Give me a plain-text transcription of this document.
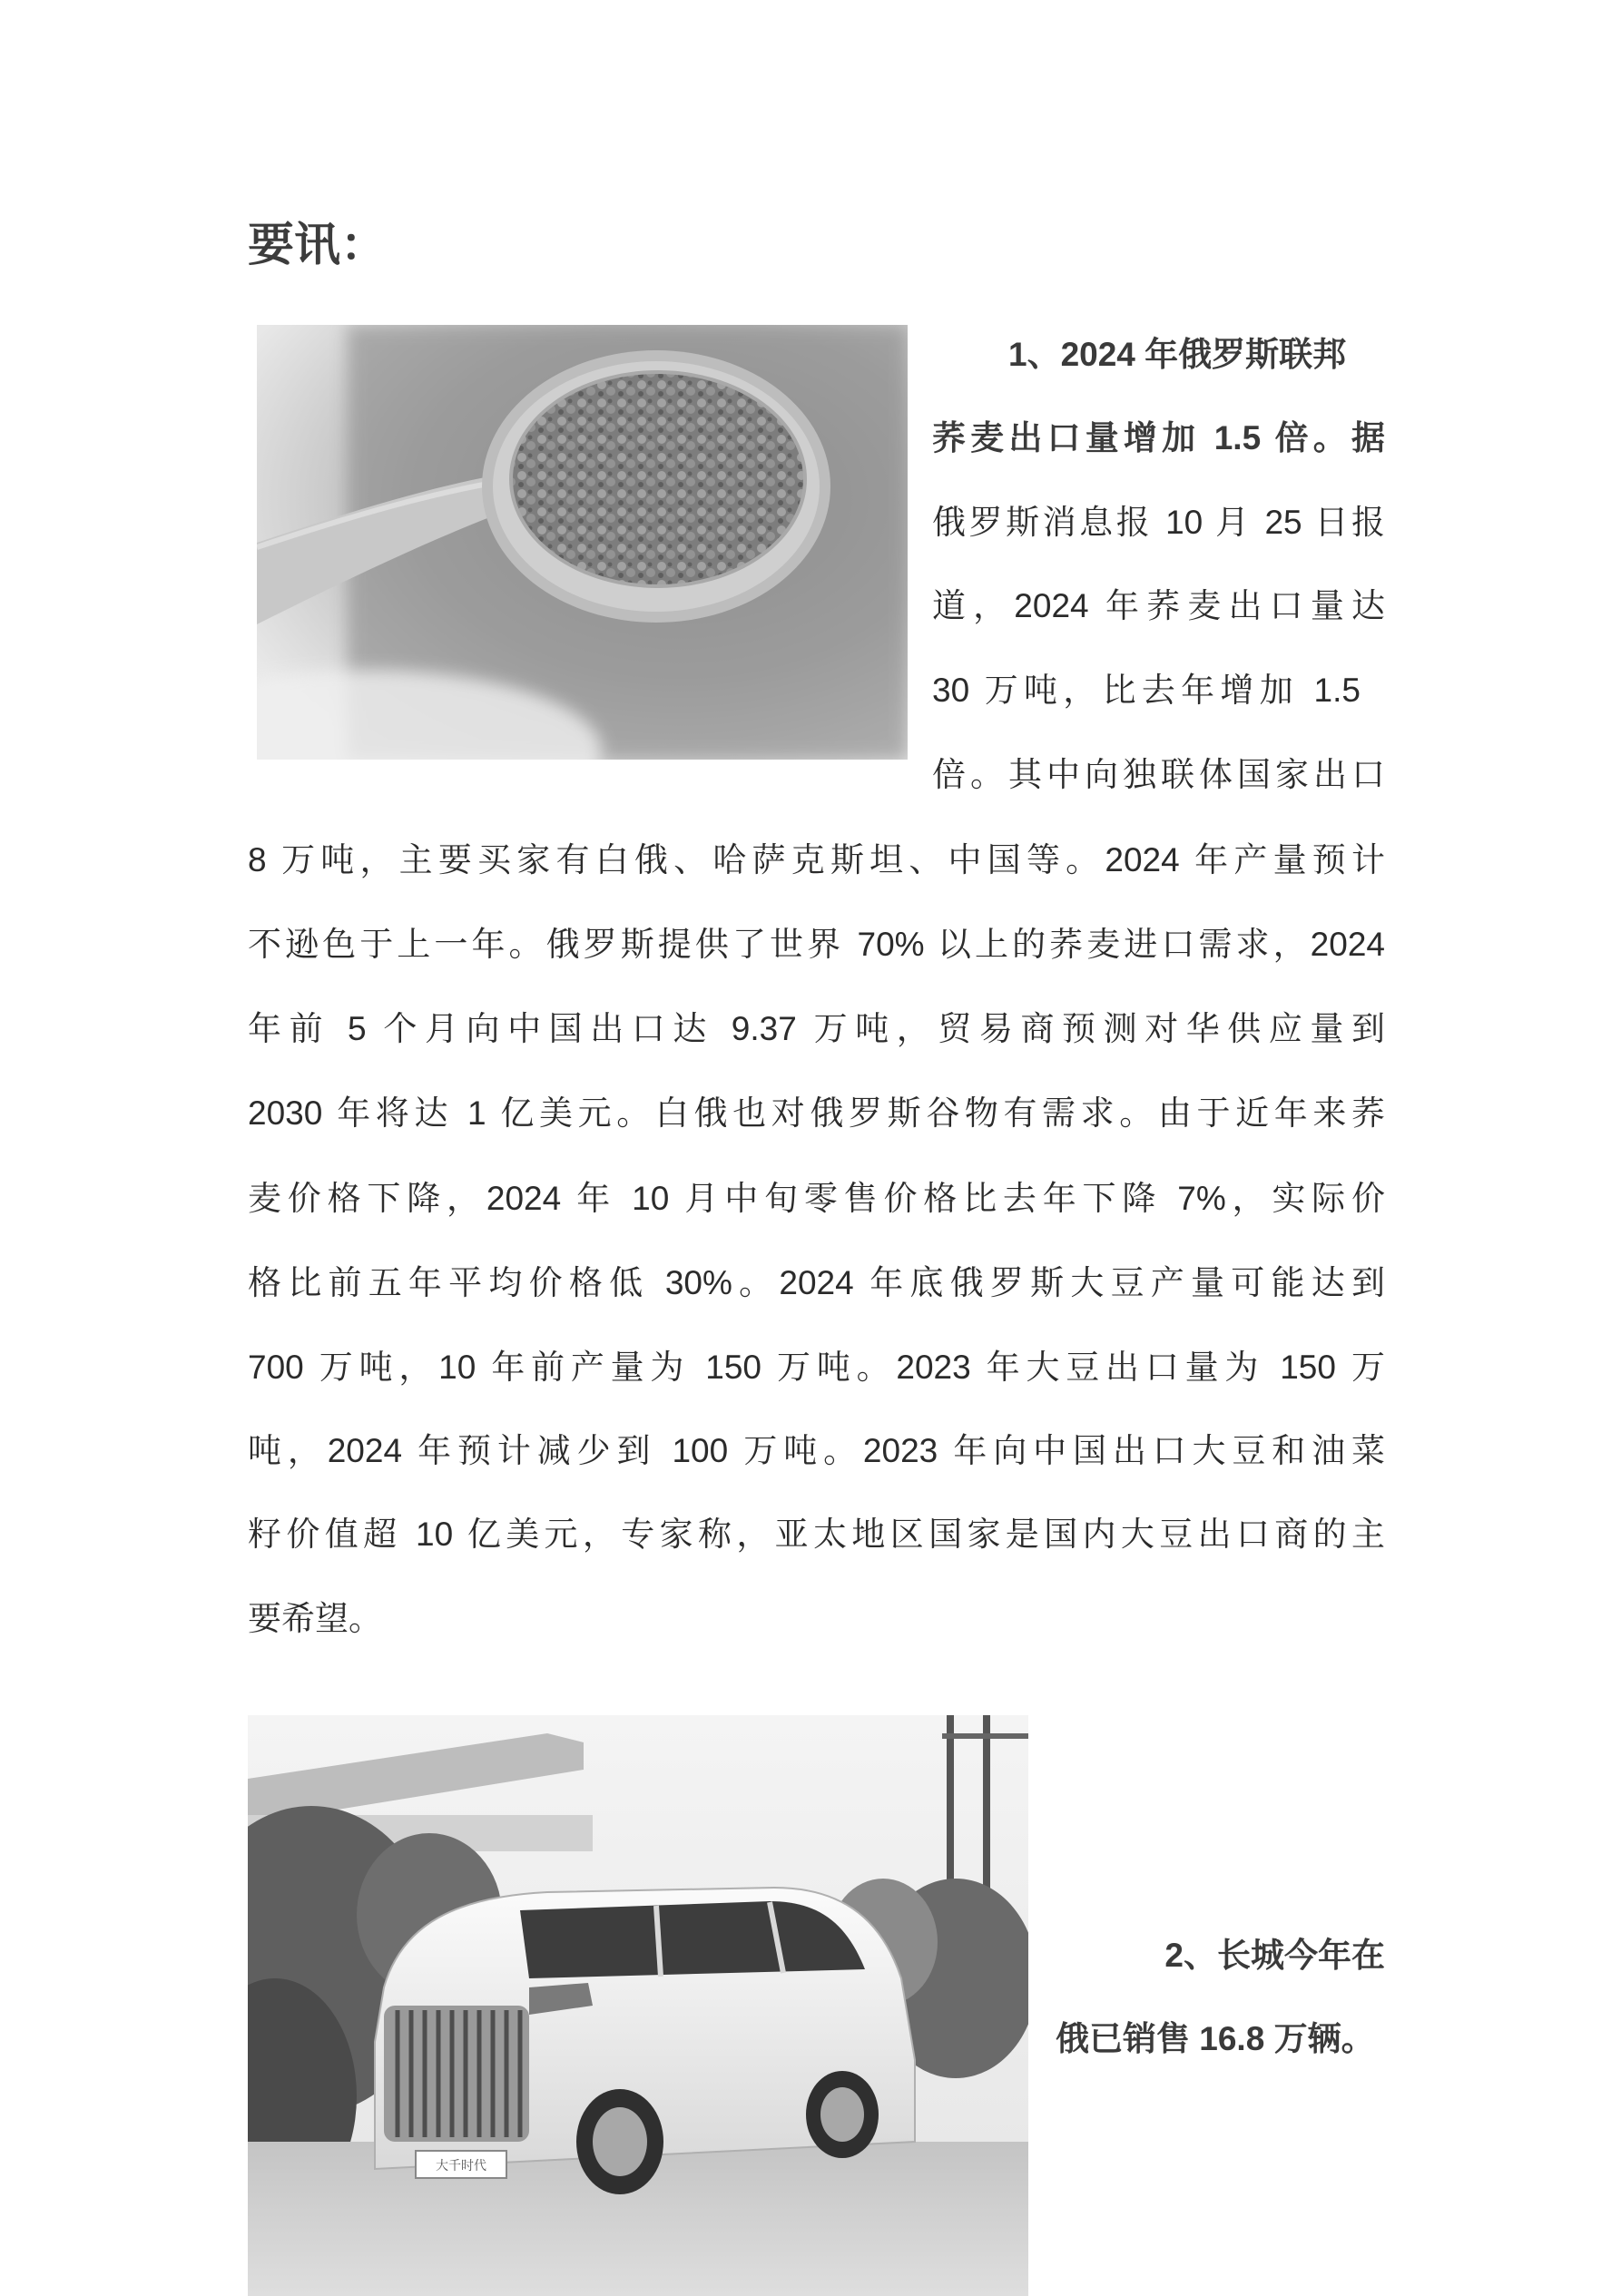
要讯：
1、2024 年俄罗斯联邦
荞麦出口量增加 1.5 倍。据
俄罗斯消息报 10 月 25 日报
道，2024 年荞麦出口量达
30 万吨，比去年增加 1.5
倍。其中向独联体国家出口
8 万吨，主要买家有白俄、哈萨克斯坦、中国等。2024 年产量预计
不逊色于上一年。俄罗斯提供了世界 70% 以上的荞麦进口需求，2024
年前 5 个月向中国出口达 9.37 万吨，贸易商预测对华供应量到
2030 年将达 1 亿美元。白俄也对俄罗斯谷物有需求。由于近年来荞
麦价格下降，2024 年 10 月中旬零售价格比去年下降 7%，实际价
格比前五年平均价格低 30%。2024 年底俄罗斯大豆产量可能达到
700 万吨，10 年前产量为 150 万吨。2023 年大豆出口量为 150 万
吨，2024 年预计减少到 100 万吨。2023 年向中国出口大豆和油菜
籽价值超 10 亿美元，专家称，亚太地区国家是国内大豆出口商的主
要希望。
大千时代
2、长城今年在
俄已销售 16.8 万辆。
